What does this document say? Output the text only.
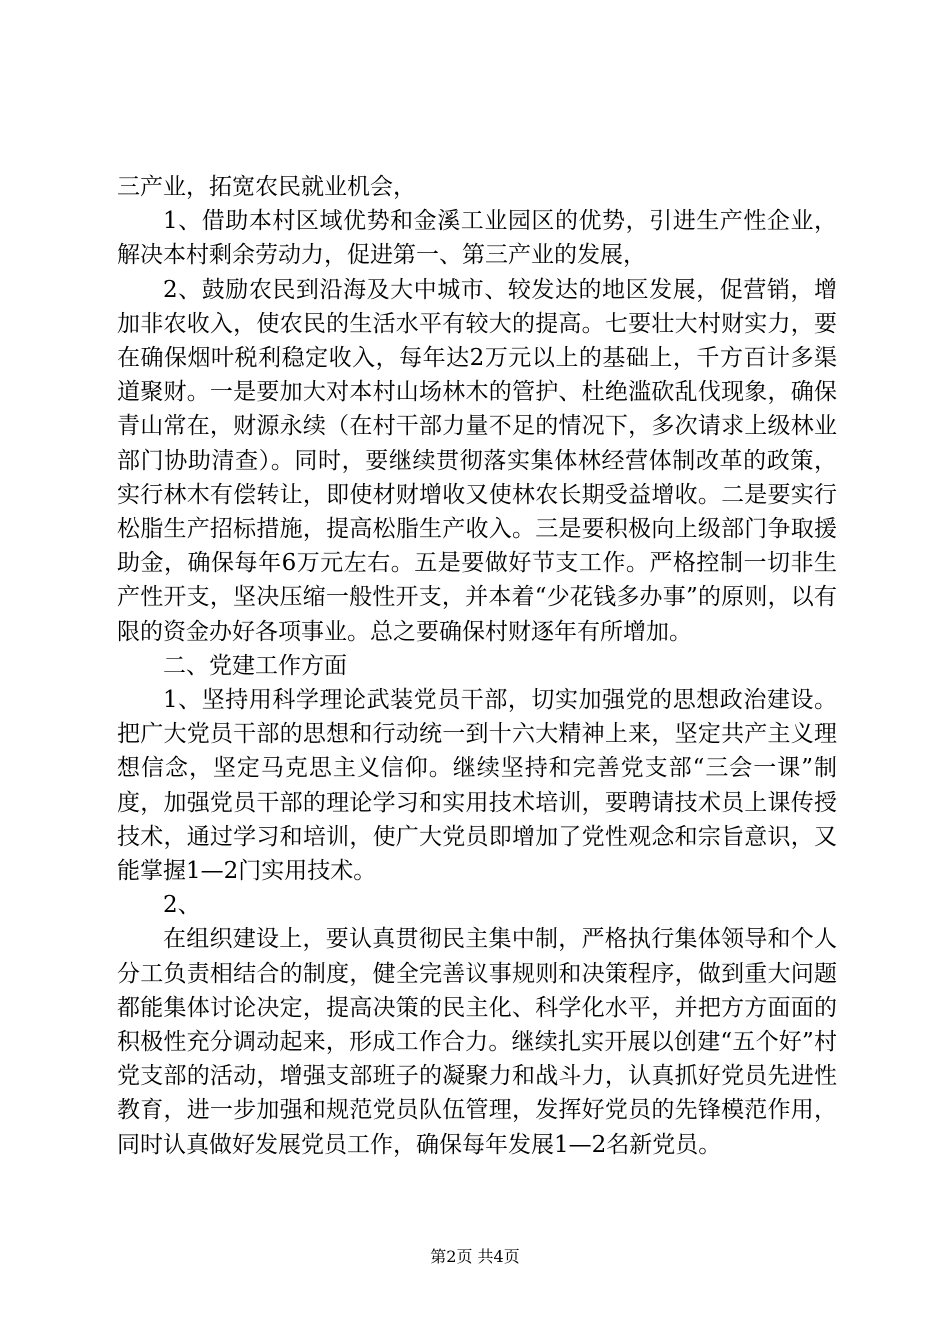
三产业，拓宽农民就业机会，

1、借助本村区域优势和金溪工业园区的优势，引进生产性企业，解决本村剩余劳动力，促进第一、第三产业的发展，

2、鼓励农民到沿海及大中城市、较发达的地区发展，促营销，增加非农收入，使农民的生活水平有较大的提高。七要壮大村财实力，要在确保烟叶税利稳定收入，每年达2万元以上的基础上，千方百计多渠道聚财。一是要加大对本村山场林木的管护、杜绝滥砍乱伐现象，确保青山常在，财源永续（在村干部力量不足的情况下，多次请求上级林业部门协助清查）。同时，要继续贯彻落实集体林经营体制改革的政策，实行林木有偿转让，即使材财增收又使林农长期受益增收。二是要实行松脂生产招标措施，提高松脂生产收入。三是要积极向上级部门争取援助金，确保每年6万元左右。五是要做好节支工作。严格控制一切非生产性开支，坚决压缩一般性开支，并本着“少花钱多办事”的原则，以有限的资金办好各项事业。总之要确保村财逐年有所增加。

二、党建工作方面

1、坚持用科学理论武装党员干部，切实加强党的思想政治建设。把广大党员干部的思想和行动统一到十六大精神上来，坚定共产主义理想信念，坚定马克思主义信仰。继续坚持和完善党支部“三会一课”制度，加强党员干部的理论学习和实用技术培训，要聘请技术员上课传授技术，通过学习和培训，使广大党员即增加了党性观念和宗旨意识，又能掌握1—2门实用技术。

2、

在组织建设上，要认真贯彻民主集中制，严格执行集体领导和个人分工负责相结合的制度，健全完善议事规则和决策程序，做到重大问题都能集体讨论决定，提高决策的民主化、科学化水平，并把方方面面的积极性充分调动起来，形成工作合力。继续扎实开展以创建“五个好”村党支部的活动，增强支部班子的凝聚力和战斗力，认真抓好党员先进性教育，进一步加强和规范党员队伍管理，发挥好党员的先锋模范作用，同时认真做好发展党员工作，确保每年发展1—2名新党员。

第2页 共4页
